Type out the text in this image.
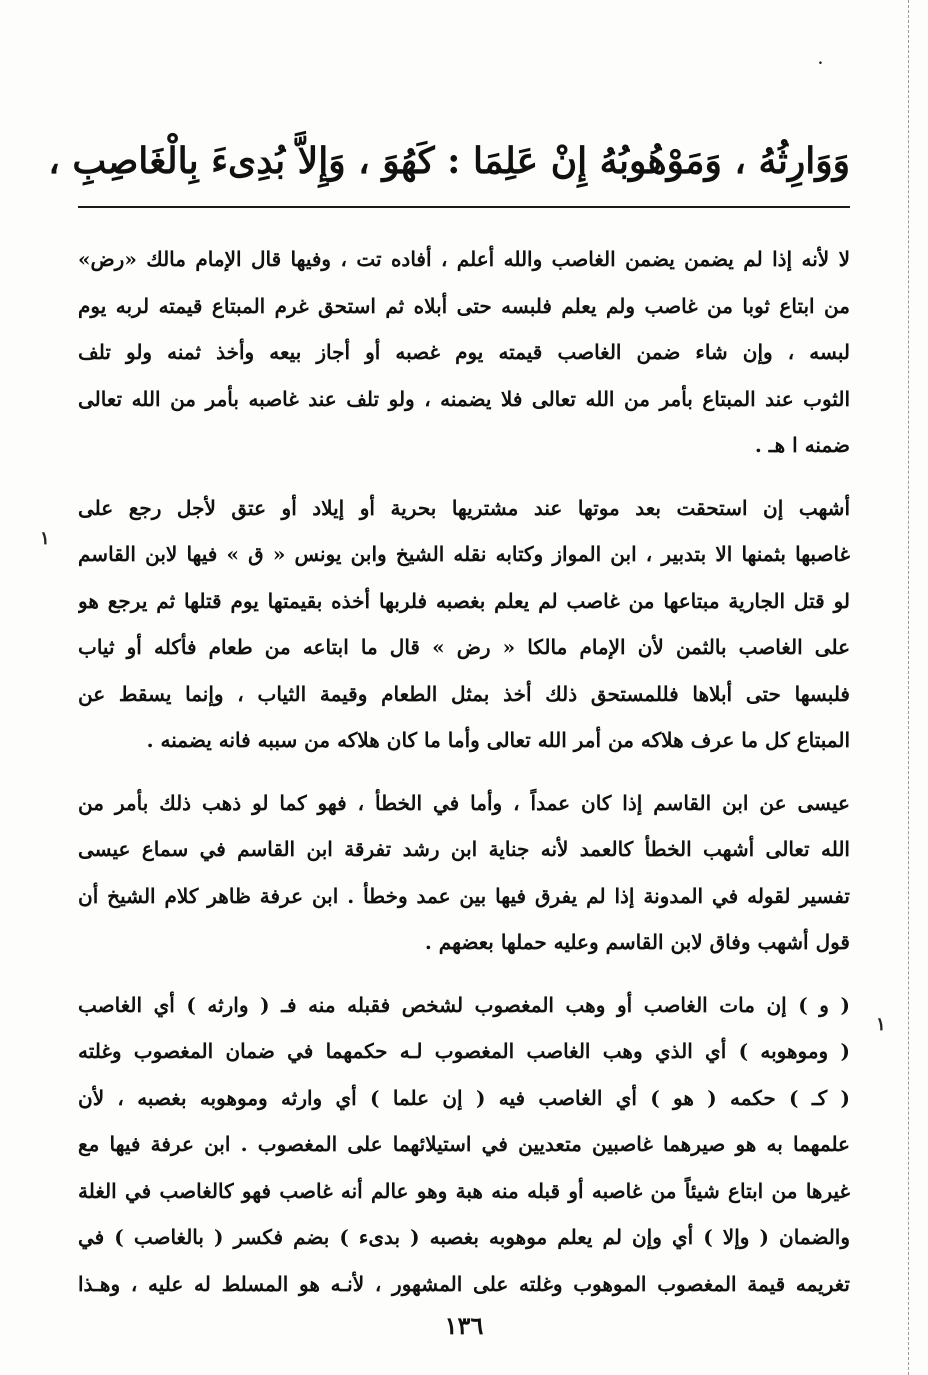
.
وَوَارِثُهُ ، وَمَوْهُوبُهُ إِنْ عَلِمَا : كَهُوَ ، وَإِلاَّ بُدِىءَ بِالْغَاصِبِ ،
لا لأنه إذا لم يضمن يضمن الغاصب والله أعلم ، أفاده تت ، وفيها قال الإمام مالك «رض»
من ابتاع ثوبا من غاصب ولم يعلم فلبسه حتى أبلاه ثم استحق غرم المبتاع قيمته لربه يوم
لبسه ، وإن شاء ضمن الغاصب قيمته يوم غصبه أو أجاز بيعه وأخذ ثمنه ولو تلف
الثوب عند المبتاع بأمر من الله تعالى فلا يضمنه ، ولو تلف عند غاصبه بأمر من الله تعالى
ضمنه ا هـ .
أشهب إن استحقت بعد موتها عند مشتريها بحرية أو إيلاد أو عتق لأجل رجع على
غاصبها بثمنها الا بتدبير ، ابن المواز وكتابه نقله الشيخ وابن يونس « ق » فيها لابن القاسم
لو قتل الجارية مبتاعها من غاصب لم يعلم بغصبه فلربها أخذه بقيمتها يوم قتلها ثم يرجع هو
على الغاصب بالثمن لأن الإمام مالكا « رض » قال ما ابتاعه من طعام فأكله أو ثياب
فلبسها حتى أبلاها فللمستحق ذلك أخذ بمثل الطعام وقيمة الثياب ، وإنما يسقط عن
المبتاع كل ما عرف هلاكه من أمر الله تعالى وأما ما كان هلاكه من سببه فانه يضمنه .
عيسى عن ابن القاسم إذا كان عمداً ، وأما في الخطأ ، فهو كما لو ذهب ذلك بأمر من
الله تعالى أشهب الخطأ كالعمد لأنه جناية ابن رشد تفرقة ابن القاسم في سماع عيسى
تفسير لقوله في المدونة إذا لم يفرق فيها بين عمد وخطأ . ابن عرفة ظاهر كلام الشيخ أن
قول أشهب وفاق لابن القاسم وعليه حملها بعضهم .
( و ) إن مات الغاصب أو وهب المغصوب لشخص فقبله منه فـ ( وارثه ) أي الغاصب
( وموهوبه ) أي الذي وهب الغاصب المغصوب لـه حكمهما في ضمان المغصوب وغلته
( كـ ) حكمه ( هو ) أي الغاصب فيه ( إن علما ) أي وارثه وموهوبه بغصبه ، لأن
علمهما به هو صيرهما غاصبين متعديين في استيلائهما على المغصوب . ابن عرفة فيها مع
غيرها من ابتاع شيئاً من غاصبه أو قبله منه هبة وهو عالم أنه غاصب فهو كالغاصب في الغلة
والضمان ( وإلا ) أي وإن لم يعلم موهوبه بغصبه ( بدىء ) بضم فكسر ( بالغاصب ) في
تغريمه قيمة المغصوب الموهوب وغلته على المشهور ، لأنـه هو المسلط له عليه ، وهـذا
١
١
١٣٦
